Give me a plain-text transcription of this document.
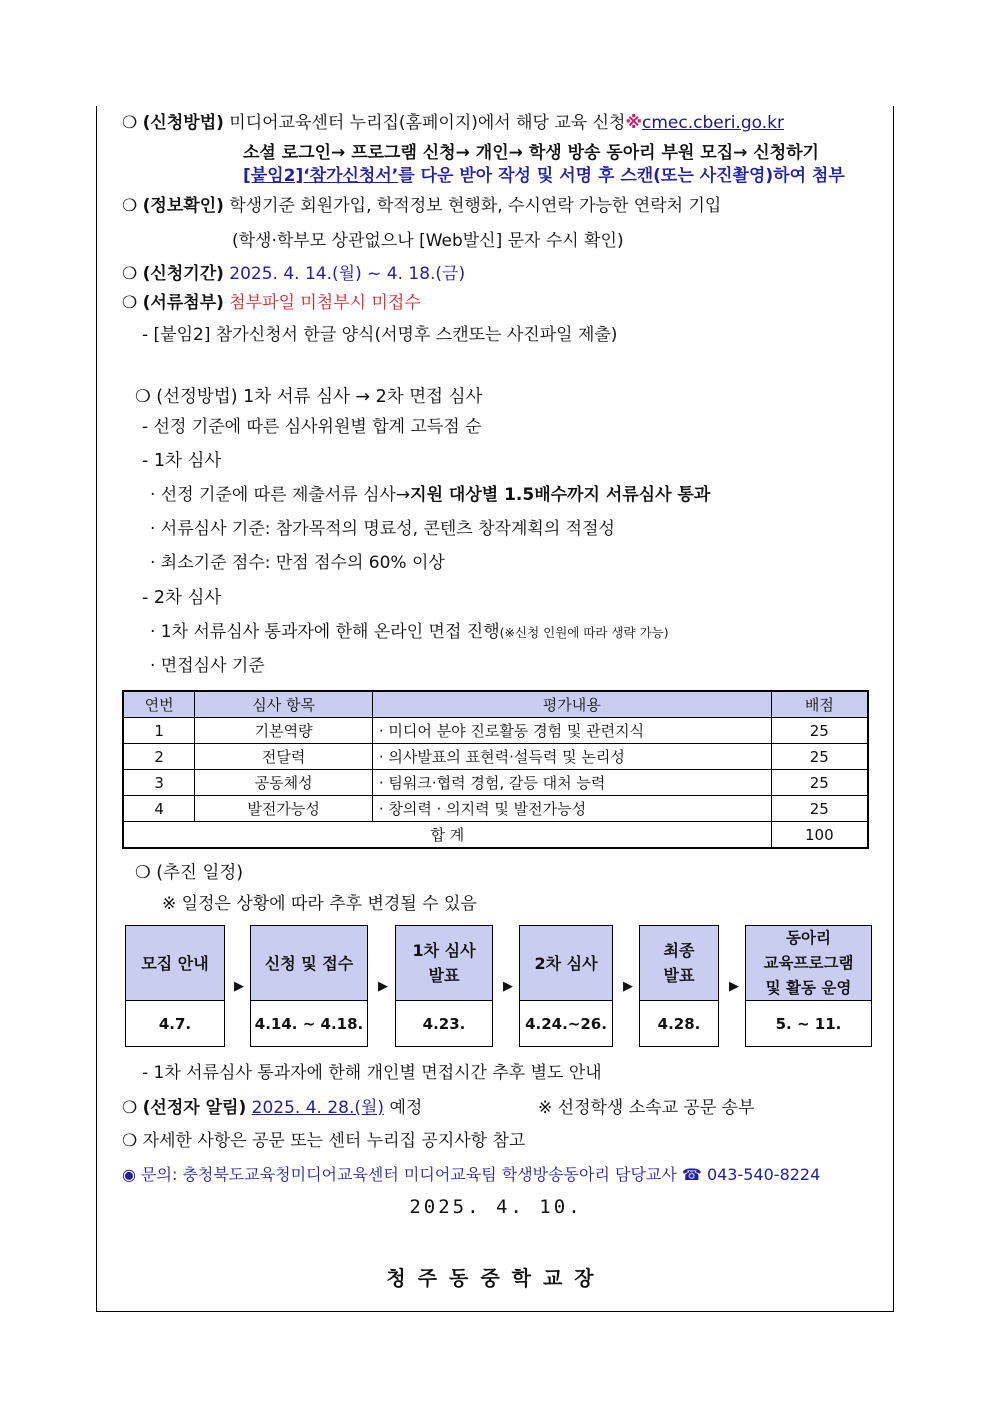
❍ (신청방법) 미디어교육센터 누리집(홈페이지)에서 해당 교육 신청※cmec.cberi.go.kr
소셜 로그인→ 프로그램 신청→ 개인→ 학생 방송 동아리 부원 모집→ 신청하기
[붙임2]‘참가신청서’를 다운 받아 작성 및 서명 후 스캔(또는 사진촬영)하여 첨부
❍ (정보확인) 학생기준 회원가입, 학적정보 현행화, 수시연락 가능한 연락처 기입
(학생·학부모 상관없으나 [Web발신] 문자 수시 확인)
❍ (신청기간) 2025. 4. 14.(월) ~ 4. 18.(금)
❍ (서류첨부) 첨부파일 미첨부시 미접수
- [붙임2] 참가신청서 한글 양식(서명후 스캔또는 사진파일 제출)
❍ (선정방법) 1차 서류 심사 → 2차 면접 심사
- 선정 기준에 따른 심사위원별 합계 고득점 순
- 1차 심사
· 선정 기준에 따른 제출서류 심사→지원 대상별 1.5배수까지 서류심사 통과
· 서류심사 기준: 참가목적의 명료성, 콘텐츠 창작계획의 적절성
· 최소기준 점수: 만점 점수의 60% 이상
- 2차 심사
· 1차 서류심사 통과자에 한해 온라인 면접 진행(※신청 인원에 따라 생략 가능)
· 면접심사 기준
연번	심사 항목	평가내용	배점
1	기본역량	· 미디어 분야 진로활동 경험 및 관련지식	25
2	전달력	· 의사발표의 표현력·설득력 및 논리성	25
3	공동체성	· 팀워크·협력 경험, 갈등 대처 능력	25
4	발전가능성	· 창의력 · 의지력 및 발전가능성	25
합 계			100
❍ (추진 일정)
※ 일정은 상황에 따라 추후 변경될 수 있음
모집 안내
4.7.
▶
신청 및 접수
4.14. ~ 4.18.
▶
1차 심사
발표
4.23.
▶
2차 심사
4.24.~26.
▶
최종
발표
4.28.
▶
동아리
교육프로그램
및 활동 운영
5. ~ 11.
- 1차 서류심사 통과자에 한해 개인별 면접시간 추후 별도 안내
❍ (선정자 알림) 2025. 4. 28.(월) 예정	※ 선정학생 소속교 공문 송부
❍ 자세한 사항은 공문 또는 센터 누리집 공지사항 참고
◉ 문의: 충청북도교육청미디어교육센터 미디어교육팀 학생방송동아리 담당교사 ☎ 043-540-8224
2025. 4. 10.
청주동중학교장
